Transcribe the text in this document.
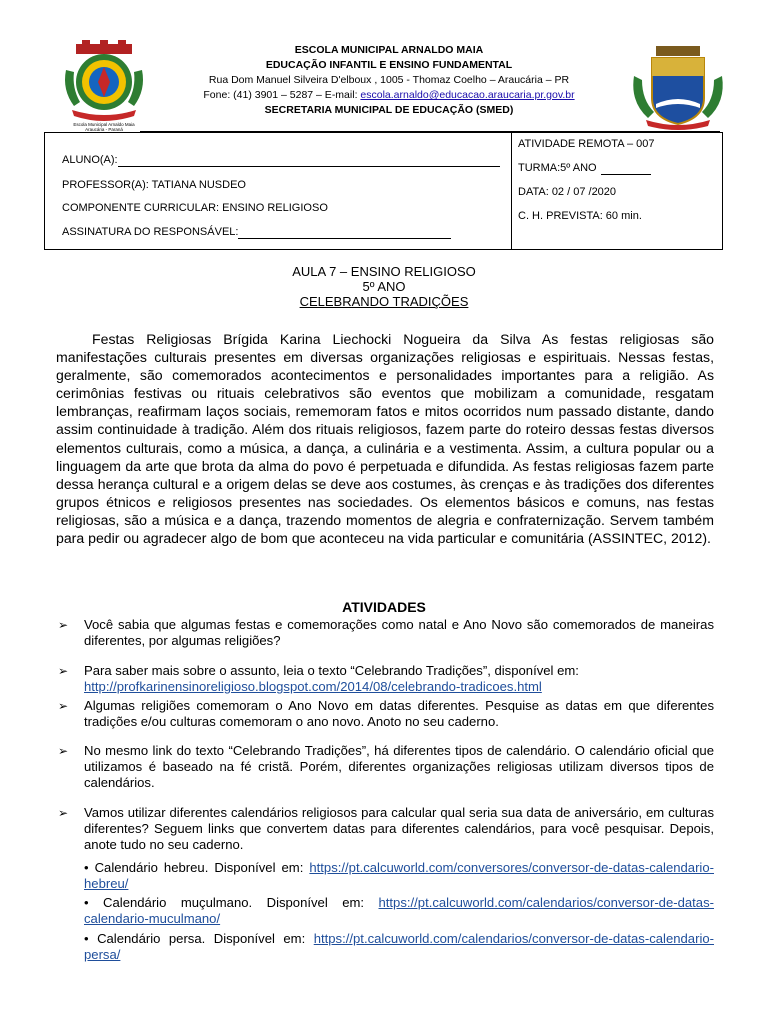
Escola Municipal Arnaldo Maia
Araucária - Paraná
ESCOLA MUNICIPAL ARNALDO MAIA
EDUCAÇÃO INFANTIL E ENSINO FUNDAMENTAL
Rua Dom Manuel Silveira D'elboux , 1005 - Thomaz Coelho – Araucária – PR
Fone: (41) 3901 – 5287 – E-mail: escola.arnaldo@educacao.araucaria.pr.gov.br
SECRETARIA MUNICIPAL DE EDUCAÇÃO (SMED)
ALUNO(A):
PROFESSOR(A): TATIANA NUSDEO
COMPONENTE CURRICULAR: ENSINO RELIGIOSO
ASSINATURA DO RESPONSÁVEL:
ATIVIDADE REMOTA – 007
TURMA:5º ANO
DATA: 02 / 07 /2020
C. H. PREVISTA: 60 min.
AULA 7 – ENSINO RELIGIOSO
5º ANO
CELEBRANDO TRADIÇÕES

Festas Religiosas Brígida Karina Liechocki Nogueira da Silva As festas religiosas são manifestações culturais presentes em diversas organizações religiosas e espirituais. Nessas festas, geralmente, são comemorados acontecimentos e personalidades importantes para a religião. As cerimônias festivas ou rituais celebrativos são eventos que mobilizam a comunidade, resgatam lembranças, reafirmam laços sociais, rememoram fatos e mitos ocorridos num passado distante, dando assim continuidade à tradição. Além dos rituais religiosos, fazem parte do roteiro dessas festas diversos elementos culturais, como a música, a dança, a culinária e a vestimenta. Assim, a cultura popular ou a linguagem da arte que brota da alma do povo é perpetuada e difundida. As festas religiosas fazem parte dessa herança cultural e a origem delas se deve aos costumes, às crenças e às tradições dos diferentes grupos étnicos e religiosos presentes nas sociedades. Os elementos básicos e comuns, nas festas religiosas, são a música e a dança, trazendo momentos de alegria e confraternização. Servem também para pedir ou agradecer algo de bom que aconteceu na vida particular e comunitária (ASSINTEC, 2012).

ATIVIDADES
➢ Você sabia que algumas festas e comemorações como natal e Ano Novo são comemorados de maneiras diferentes, por algumas religiões?
➢ Para saber mais sobre o assunto, leia o texto “Celebrando Tradições”, disponível em:
http://profkarinensinoreligioso.blogspot.com/2014/08/celebrando-tradicoes.html
➢ Algumas religiões comemoram o Ano Novo em datas diferentes. Pesquise as datas em que diferentes tradições e/ou culturas comemoram o ano novo. Anoto no seu caderno.
➢ No mesmo link do texto “Celebrando Tradições”, há diferentes tipos de calendário. O calendário oficial que utilizamos é baseado na fé cristã. Porém, diferentes organizações religiosas utilizam diversos tipos de calendários.
➢ Vamos utilizar diferentes calendários religiosos para calcular qual seria sua data de aniversário, em culturas diferentes? Seguem links que convertem datas para diferentes calendários, para você pesquisar. Depois, anote tudo no seu caderno.
• Calendário hebreu. Disponível em: https://pt.calcuworld.com/conversores/conversor-de-datas-calendario-hebreu/
• Calendário muçulmano. Disponível em: https://pt.calcuworld.com/calendarios/conversor-de-datas-calendario-muculmano/
• Calendário persa. Disponível em: https://pt.calcuworld.com/calendarios/conversor-de-datas-calendario-persa/
